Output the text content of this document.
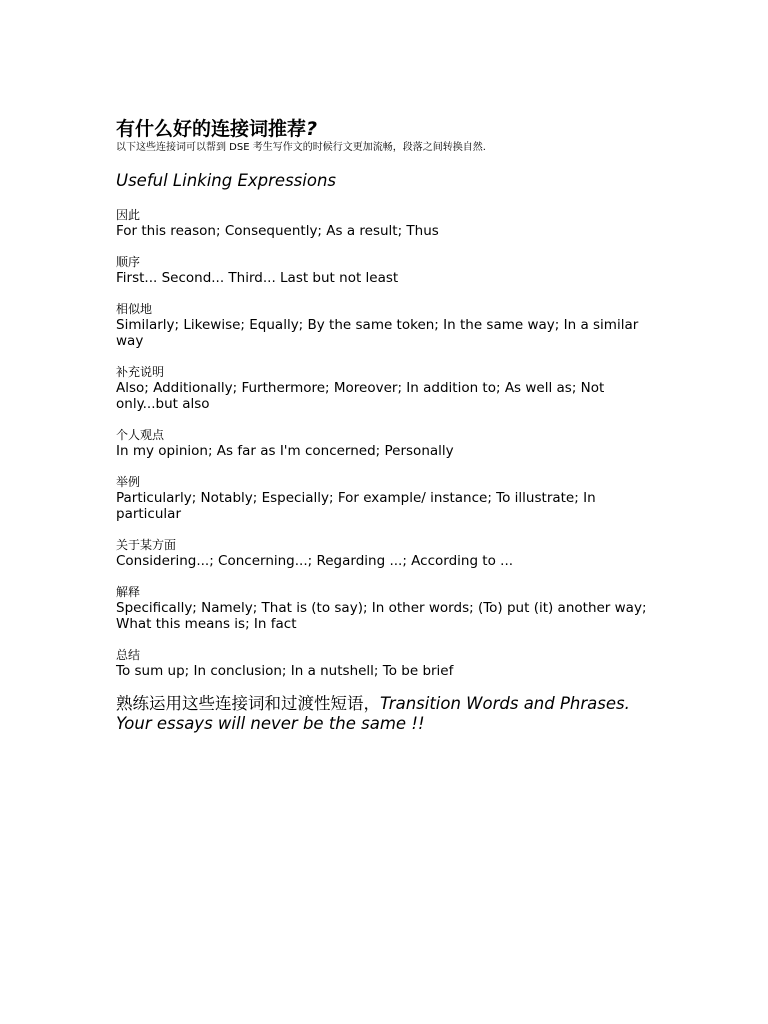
有什么好的连接词推荐?

以下这些连接词可以帮到 DSE 考生写作文的时候行文更加流畅，段落之间转换自然.

Useful Linking Expressions

因此

For this reason; Consequently; As a result; Thus

顺序

First... Second... Third... Last but not least

相似地

Similarly; Likewise; Equally; By the same token; In the same way; In a similar way

补充说明

Also; Additionally; Furthermore; Moreover; In addition to; As well as; Not only...but also

个人观点

In my opinion; As far as I'm concerned; Personally

举例

Particularly; Notably; Especially; For example/ instance; To illustrate; In particular

关于某方面

Considering...; Concerning...; Regarding ...; According to ...

解释

Specifically; Namely; That is (to say); In other words; (To) put (it) another way; What this means is; In fact

总结

To sum up; In conclusion; In a nutshell; To be brief

熟练运用这些连接词和过渡性短语，Transition Words and Phrases. Your essays will never be the same !!
